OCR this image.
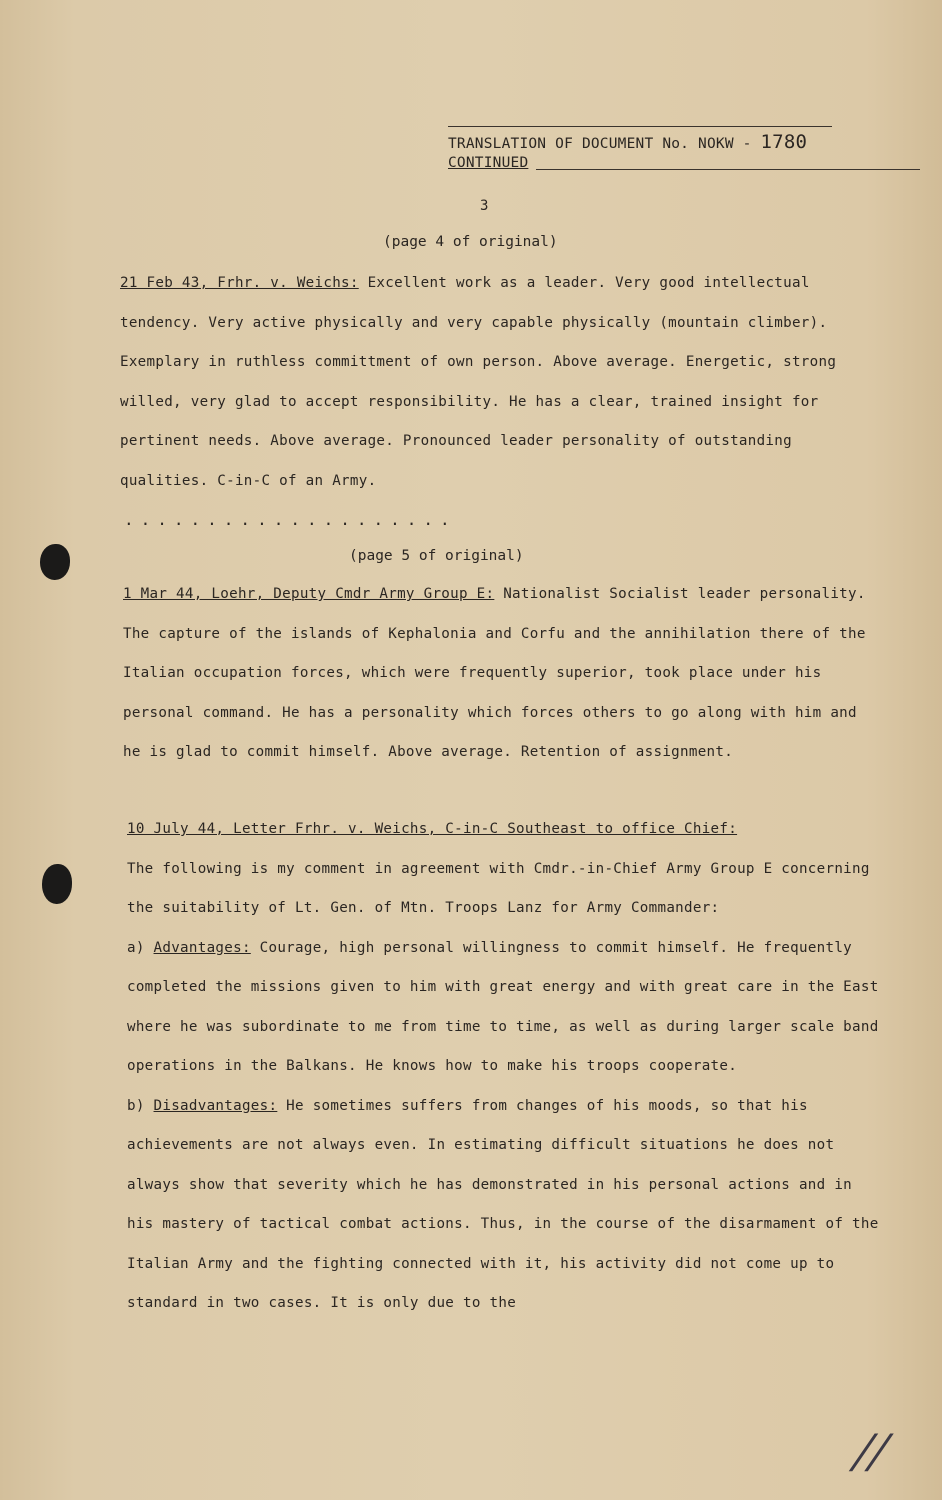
TRANSLATION OF DOCUMENT No. NOKW - 1780
CONTINUED
3
(page 4 of original)
21 Feb 43, Frhr. v. Weichs: Excellent work as a leader. Very good intellectual tendency. Very active physically and very capable physically (mountain climber). Exemplary in ruthless committment of own person. Above average. Energetic, strong willed, very glad to accept responsibility. He has a clear, trained insight for pertinent needs. Above average. Pronounced leader personality of outstanding qualities. C-in-C of an Army.
....................
(page 5 of original)
1 Mar 44, Loehr, Deputy Cmdr Army Group E: Nationalist Socialist leader personality. The capture of the islands of Kephalonia and Corfu and the annihilation there of the Italian occupation forces, which were frequently superior, took place under his personal command. He has a personality which forces others to go along with him and he is glad to commit himself. Above average. Retention of assignment.
10 July 44, Letter Frhr. v. Weichs, C-in-C Southeast to office Chief:
The following is my comment in agreement with Cmdr.-in-Chief Army Group E concerning the suitability of Lt. Gen. of Mtn. Troops Lanz for Army Commander:
a) Advantages: Courage, high personal willingness to commit himself. He frequently completed the missions given to him with great energy and with great care in the East where he was subordinate to me from time to time, as well as during larger scale band operations in the Balkans. He knows how to make his troops cooperate.
b) Disadvantages: He sometimes suffers from changes of his moods, so that his achievements are not always even. In estimating difficult situations he does not always show that severity which he has demonstrated in his personal actions and in his mastery of tactical combat actions. Thus, in the course of the disarmament of the Italian Army and the fighting connected with it, his activity did not come up to standard in two cases. It is only due to the
//
